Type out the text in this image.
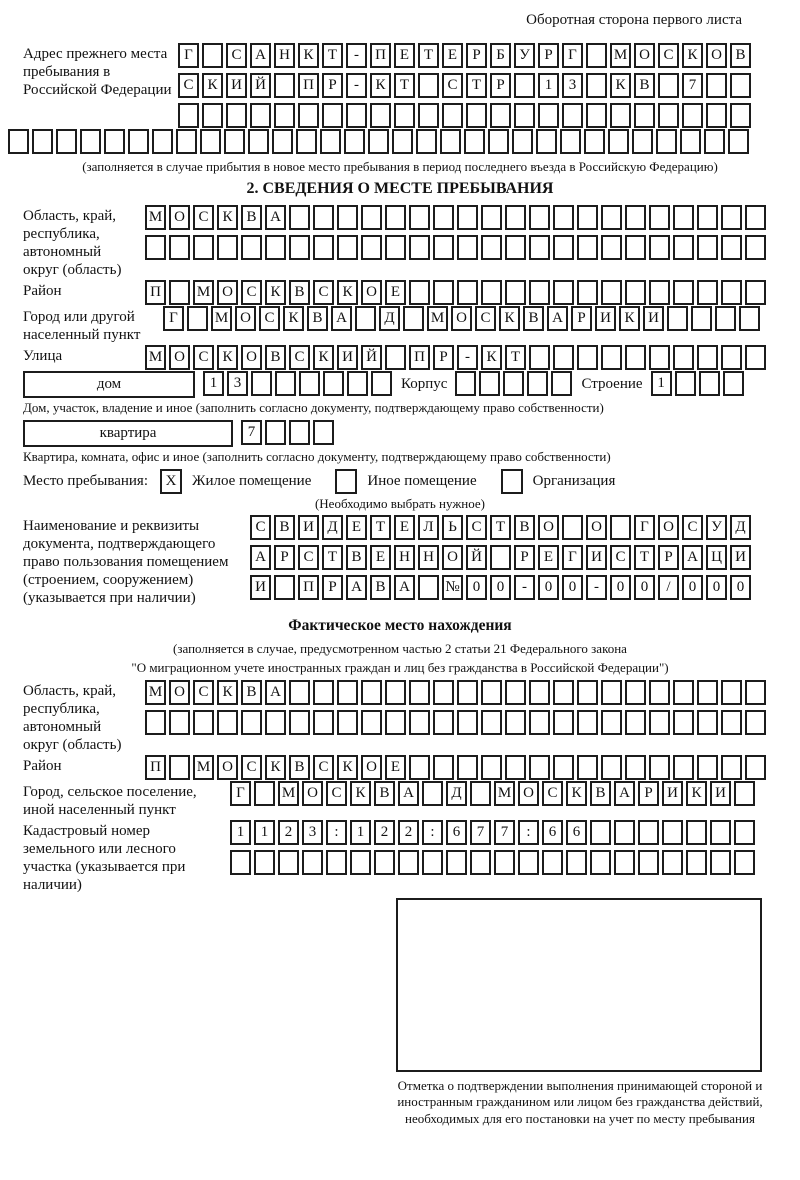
Оборотная сторона первого листа
Адрес прежнего места пребывания в Российской Федерации
Г	С А Н К Т - П Е Т Е Р Б У Р Г М О С К О В
С К И Й П Р - К Т	С Т Р	1 3	К В	7
(заполняется в случае прибытия в новое место пребывания в период последнего въезда в Российскую Федерацию)
2. СВЕДЕНИЯ О МЕСТЕ ПРЕБЫВАНИЯ
Область, край, республика, автономный округ (область)
М О С К В А
Район	П М О С К В С К О Е
Город или другой населенный пункт
Г М О С К В А Д М О С К В А Р И К И
Улица	М О С К О В С К И Й П Р - К Т
дом	1 3	Корпус	Строение 1
Дом, участок, владение и иное (заполнить согласно документу, подтверждающему право собственности)
квартира	7
Квартира, комната, офис и иное (заполнить согласно документу, подтверждающему право собственности)
Место пребывания:	X	Жилое помещение	Иное помещение	Организация
(Необходимо выбрать нужное)
Наименование и реквизиты документа, подтверждающего право пользования помещением (строением, сооружением) (указывается при наличии)
С В И Д Е Т Е Л Ь С Т В О О	Г О С У Д
А Р С Т В Е Н Н О Й	Р Е Г И С Т Р А Ц И
И П Р А В А № 0 0 - 0 0 - 0 0 / 0 0 0
Фактическое место нахождения
(заполняется в случае, предусмотренном частью 2 статьи 21 Федерального закона
"О миграционном учете иностранных граждан и лиц без гражданства в Российской Федерации")
Область, край, республика, автономный округ (область)
М О С К В А
Район	П М О С К В С К О Е
Город, сельское поселение, иной населенный пункт
Г М О С К В А Д М О С К В А Р И К И
Кадастровый номер земельного или лесного участка (указывается при наличии)
1 1 2 3 : 1 2 2 : 6 7 7 : 6 6
Отметка о подтверждении выполнения принимающей стороной и иностранным гражданином или лицом без гражданства действий, необходимых для его постановки на учет по месту пребывания
